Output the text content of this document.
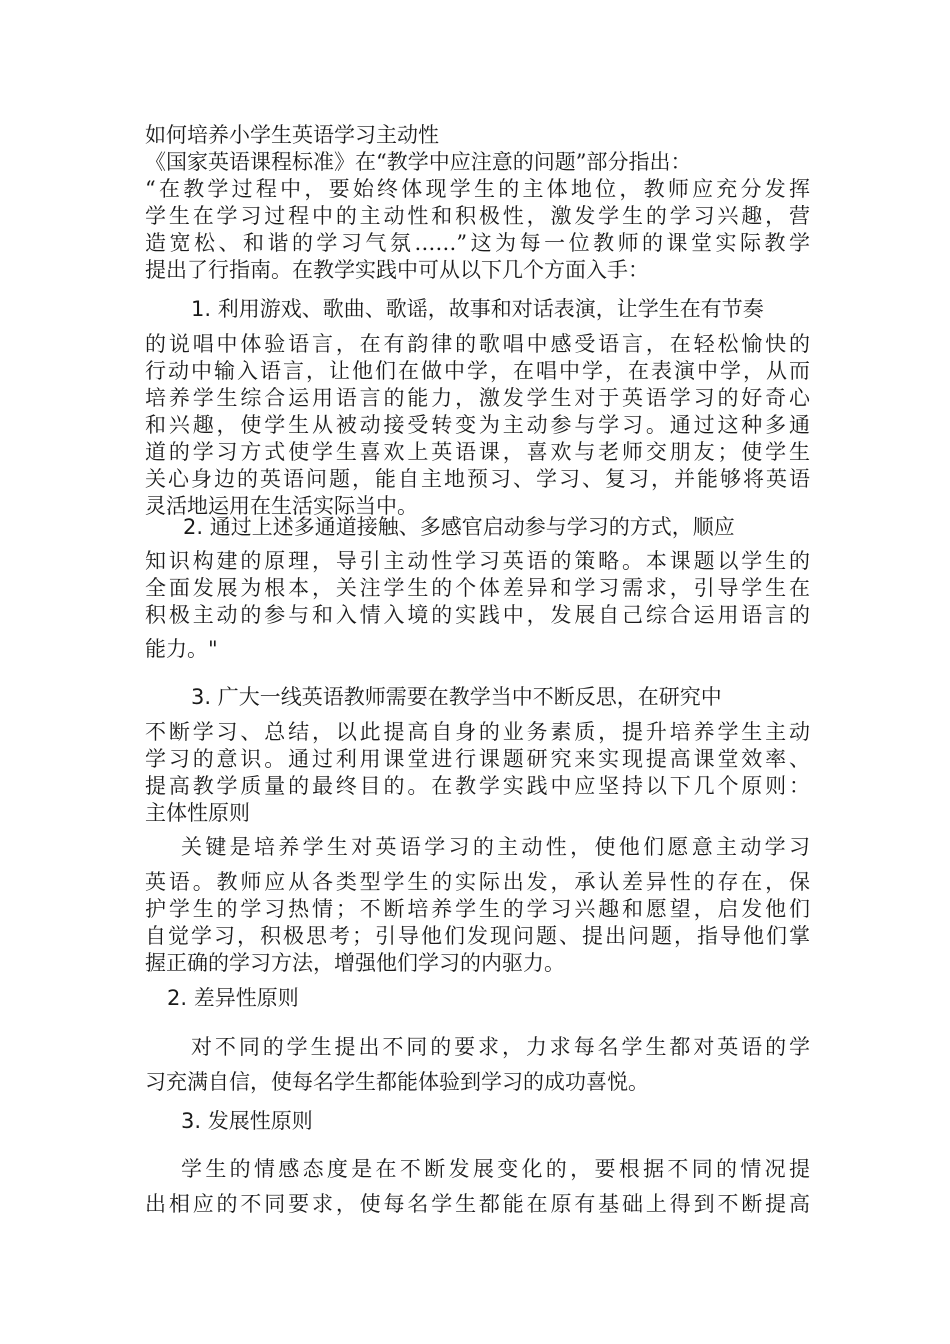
如何培养小学生英语学习主动性
《国家英语课程标准》在“教学中应注意的问题”部分指出：
“在教学过程中，要始终体现学生的主体地位，教师应充分发挥
学生在学习过程中的主动性和积极性，激发学生的学习兴趣，营
造宽松、和谐的学习气氛……”这为每一位教师的课堂实际教学
提出了行指南。在教学实践中可从以下几个方面入手：
1. 利用游戏、歌曲、歌谣，故事和对话表演，让学生在有节奏
的说唱中体验语言，在有韵律的歌唱中感受语言，在轻松愉快的
行动中输入语言，让他们在做中学，在唱中学，在表演中学，从而
培养学生综合运用语言的能力，激发学生对于英语学习的好奇心
和兴趣，使学生从被动接受转变为主动参与学习。通过这种多通
道的学习方式使学生喜欢上英语课，喜欢与老师交朋友；使学生
关心身边的英语问题，能自主地预习、学习、复习，并能够将英语
灵活地运用在生活实际当中。
2. 通过上述多通道接触、多感官启动参与学习的方式，顺应
知识构建的原理，导引主动性学习英语的策略。本课题以学生的
全面发展为根本，关注学生的个体差异和学习需求，引导学生在
积极主动的参与和入情入境的实践中，发展自己综合运用语言的
能力。"
3. 广大一线英语教师需要在教学当中不断反思，在研究中
不断学习、总结，以此提高自身的业务素质，提升培养学生主动
学习的意识。通过利用课堂进行课题研究来实现提高课堂效率、
提高教学质量的最终目的。在教学实践中应坚持以下几个原则：
主体性原则
关键是培养学生对英语学习的主动性，使他们愿意主动学习
英语。教师应从各类型学生的实际出发，承认差异性的存在，保
护学生的学习热情；不断培养学生的学习兴趣和愿望，启发他们
自觉学习，积极思考；引导他们发现问题、提出问题，指导他们掌
握正确的学习方法，增强他们学习的内驱力。
2. 差异性原则
对不同的学生提出不同的要求，力求每名学生都对英语的学
习充满自信，使每名学生都能体验到学习的成功喜悦。
3. 发展性原则
学生的情感态度是在不断发展变化的，要根据不同的情况提
出相应的不同要求，使每名学生都能在原有基础上得到不断提高
